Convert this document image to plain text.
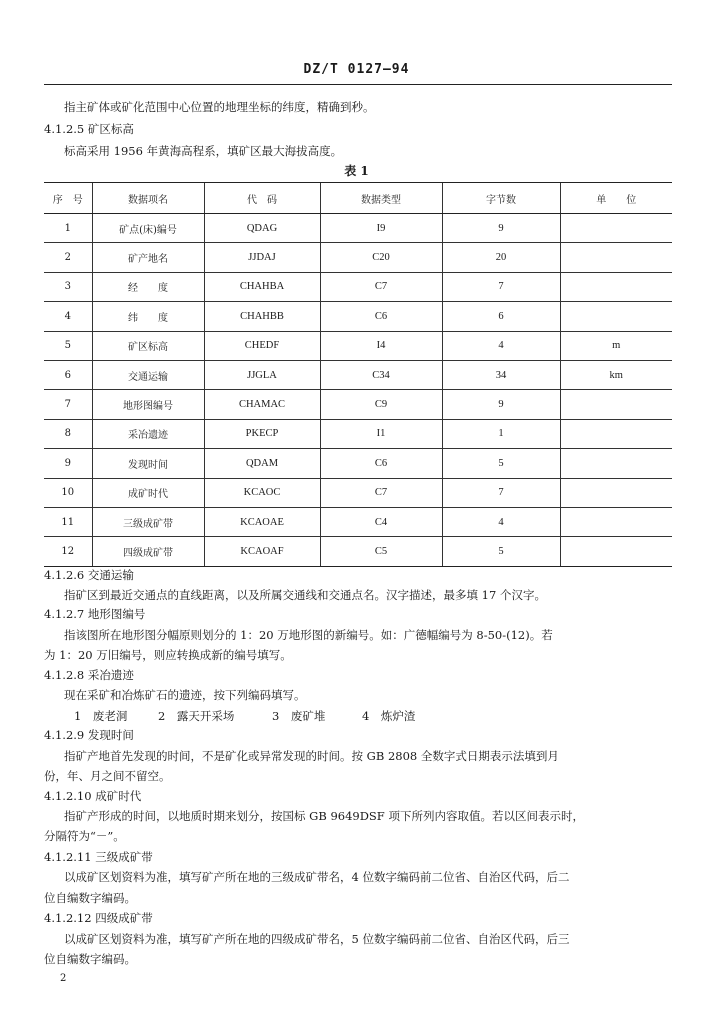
DZ/T 0127—94
指主矿体或矿化范围中心位置的地理坐标的纬度，精确到秒。
4.1.2.5 矿区标高
标高采用 1956 年黄海高程系，填矿区最大海拔高度。
表 1
序　号	数据项名	代　码	数据类型	字节数	单　　位
1	矿点(床)编号	QDAG	I9	9	
2	矿产地名	JJDAJ	C20	20	
3	经　　度	CHAHBA	C7	7	
4	纬　　度	CHAHBB	C6	6	
5	矿区标高	CHEDF	I4	4	m
6	交通运输	JJGLA	C34	34	km
7	地形图编号	CHAMAC	C9	9	
8	采冶遗迹	PKECP	I1	1	
9	发现时间	QDAM	C6	5	
10	成矿时代	KCAOC	C7	7	
11	三级成矿带	KCAOAE	C4	4	
12	四级成矿带	KCAOAF	C5	5	
4.1.2.6 交通运输
指矿区到最近交通点的直线距离，以及所属交通线和交通点名。汉字描述，最多填 17 个汉字。
4.1.2.7 地形图编号
指该图所在地形图分幅原则划分的 1：20 万地形图的新编号。如：广德幅编号为 8-50-(12)。若
为 1：20 万旧编号，则应转换成新的编号填写。
4.1.2.8 采冶遗迹
现在采矿和冶炼矿石的遗迹，按下列编码填写。
1　废老洞	2　露天开采场	3　废矿堆	4　炼炉渣
4.1.2.9 发现时间
指矿产地首先发现的时间，不是矿化或异常发现的时间。按 GB 2808 全数字式日期表示法填到月
份，年、月之间不留空。
4.1.2.10 成矿时代
指矿产形成的时间，以地质时期来划分，按国标 GB 9649DSF 项下所列内容取值。若以区间表示时，
分隔符为“－”。
4.1.2.11 三级成矿带
以成矿区划资料为准，填写矿产所在地的三级成矿带名，4 位数字编码前二位省、自治区代码，后二
位自编数字编码。
4.1.2.12 四级成矿带
以成矿区划资料为准，填写矿产所在地的四级成矿带名，5 位数字编码前二位省、自治区代码，后三
位自编数字编码。
2
